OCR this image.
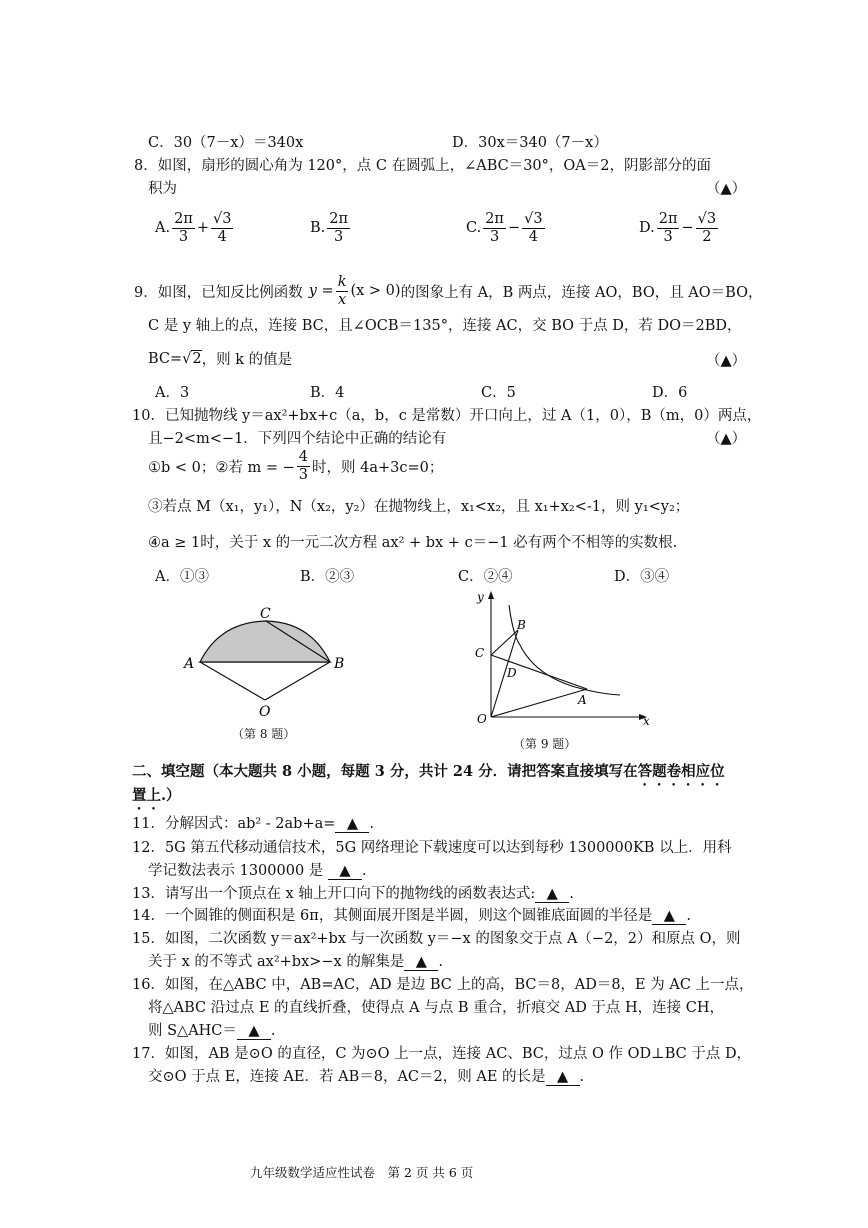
C．30（7－x）＝340x	D．30x＝340（7－x）
8．如图，扇形的圆心角为 120°，点 C 在圆弧上，∠ABC＝30°，OA＝2，阴影部分的面
积为	（▲）
A. $\frac{2\pi}{3} + \frac{√3}{4}$	B. $\frac{2\pi}{3}$	C. $\frac{2\pi}{3} - \frac{√3}{4}$	D. $\frac{2\pi}{3} - \frac{√3}{2}$
9．如图，已知反比例函数 $y = \frac{k}{x} (x > 0)$ 的图象上有 A，B 两点，连接 AO，BO，且 AO＝BO，
C 是 y 轴上的点，连接 BC，且∠OCB＝135°，连接 AC，交 BO 于点 D，若 DO＝2BD，
BC= √ 2 ，则 k 的值是	（▲）
A．3	B．4	C．5	D．6
10．已知抛物线 y＝ax²+bx+c（a，b，c 是常数）开口向上，过 A（1，0），B（m，0）两点，
且−2<m<−1．下列四个结论中正确的结论有	（▲）
①b < 0；②若 m = − $\frac{4}{3}$ 时，则 4a+3c=0；
③若点 M（x₁，y₁），N（x₂，y₂）在抛物线上，x₁<x₂，且 x₁+x₂<-1，则 y₁<y₂；
④a ≥ 1时，关于 x 的一元二次方程 ax² + bx + c＝−1 必有两个不相等的实数根.
A．①③	B．②③	C．②④	D．③④
C
A	B
O
（第 8 题）
y
B
C
D
A
O	x
（第 9 题）
二、填空题（本大题共 8 小题，每题 3 分，共计 24 分．请把答案直接填写在答题卷相应位
置上.）
11．分解因式：ab² - 2ab+a= ▲ .
12．5G 第五代移动通信技术，5G 网络理论下载速度可以达到每秒 1300000KB 以上．用科
学记数法表示 1300000 是 ▲ .
13．请写出一个顶点在 x 轴上开口向下的抛物线的函数表达式: ▲ .
14．一个圆锥的侧面积是 6π，其侧面展开图是半圆，则这个圆锥底面圆的半径是 ▲ .
15．如图，二次函数 y＝ax²+bx 与一次函数 y＝−x 的图象交于点 A（−2，2）和原点 O，则
关于 x 的不等式 ax²+bx>−x 的解集是 ▲ .
16．如图，在△ABC 中，AB=AC，AD 是边 BC 上的高，BC＝8，AD＝8，E 为 AC 上一点，
将△ABC 沿过点 E 的直线折叠，使得点 A 与点 B 重合，折痕交 AD 于点 H，连接 CH，
则 S△AHC＝ ▲ .
17．如图，AB 是⊙O 的直径，C 为⊙O 上一点，连接 AC、BC，过点 O 作 OD⊥BC 于点 D，
交⊙O 于点 E，连接 AE．若 AB＝8，AC＝2，则 AE 的长是 ▲ .
九年级数学适应性试卷　第 2 页 共 6 页
